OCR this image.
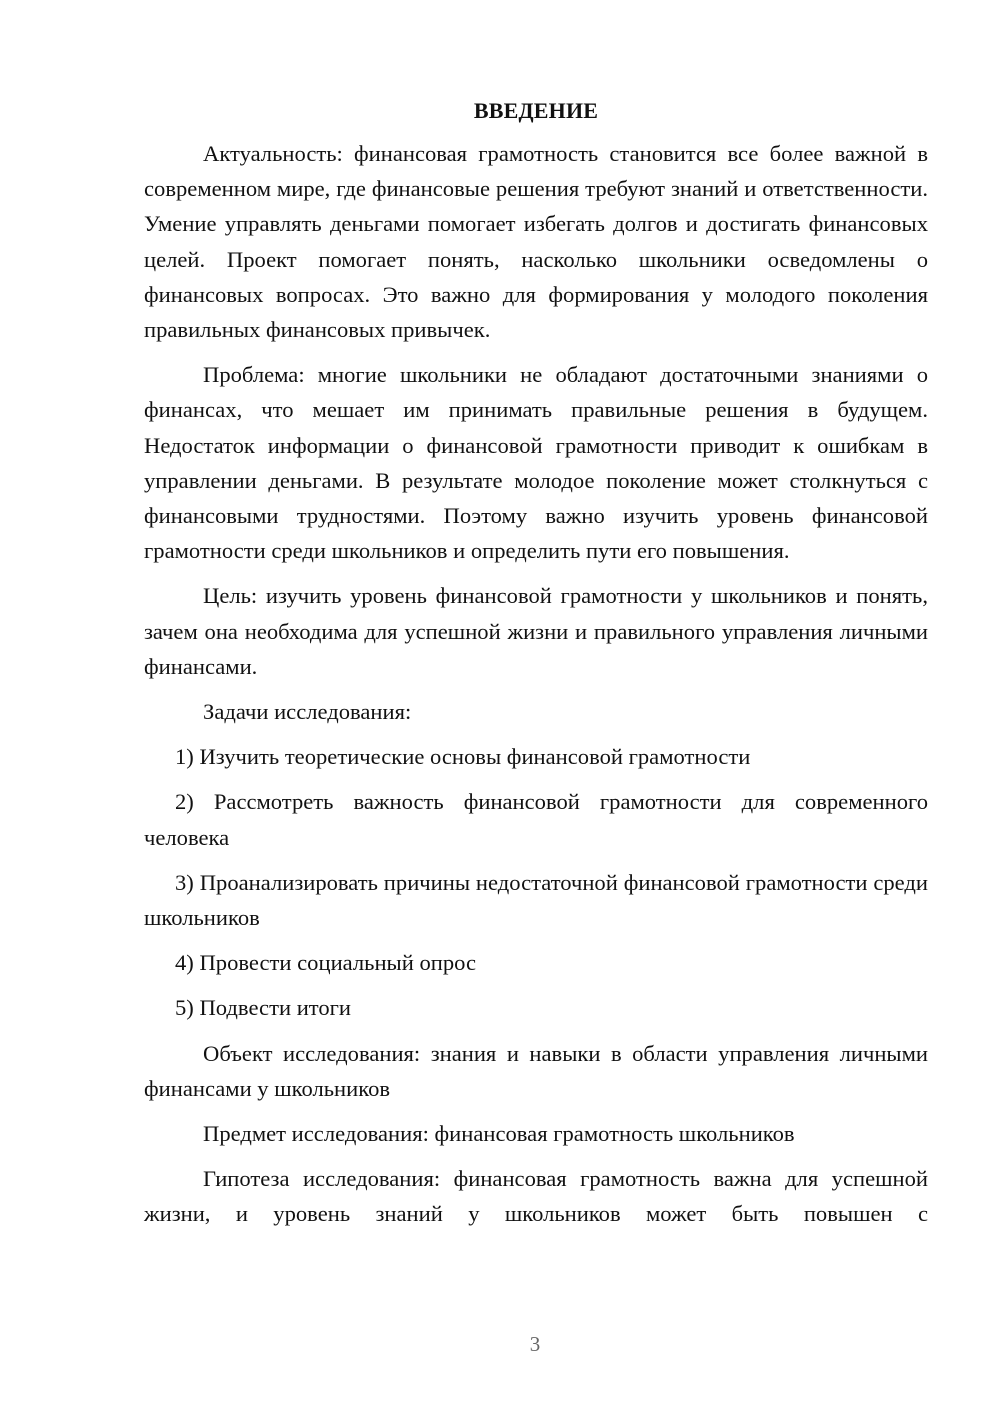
ВВЕДЕНИЕ

Актуальность: финансовая грамотность становится все более важной в современном мире, где финансовые решения требуют знаний и ответственности. Умение управлять деньгами помогает избегать долгов и достигать финансовых целей. Проект помогает понять, насколько школьники осведомлены о финансовых вопросах. Это важно для формирования у молодого поколения правильных финансовых привычек.

Проблема: многие школьники не обладают достаточными знаниями о финансах, что мешает им принимать правильные решения в будущем. Недостаток информации о финансовой грамотности приводит к ошибкам в управлении деньгами. В результате молодое поколение может столкнуться с финансовыми трудностями. Поэтому важно изучить уровень финансовой грамотности среди школьников и определить пути его повышения.

Цель: изучить уровень финансовой грамотности у школьников и понять, зачем она необходима для успешной жизни и правильного управления личными финансами.

Задачи исследования:

1) Изучить теоретические основы финансовой грамотности

2) Рассмотреть важность финансовой грамотности для современного человека

3) Проанализировать причины недостаточной финансовой грамотности среди школьников

4) Провести социальный опрос

5) Подвести итоги

Объект исследования: знания и навыки в области управления личными финансами у школьников

Предмет исследования: финансовая грамотность школьников

Гипотеза исследования: финансовая грамотность важна для успешной жизни, и уровень знаний у школьников может быть повышен с

3
